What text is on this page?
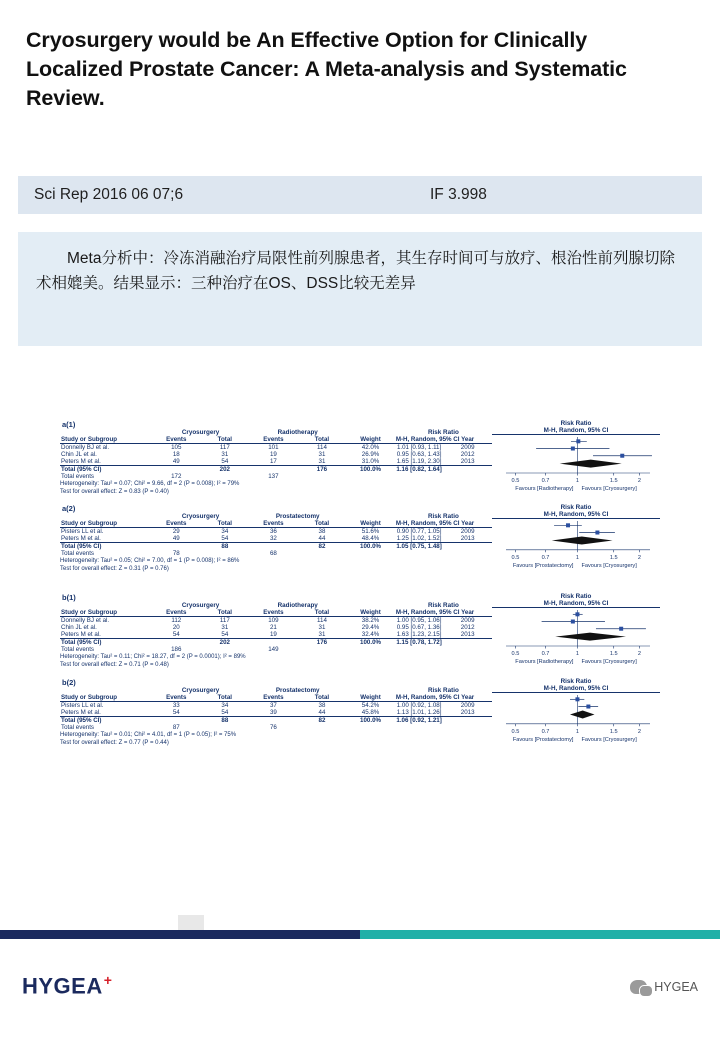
Cryosurgery would be An Effective Option for Clinically Localized Prostate Cancer: A Meta-analysis and Systematic Review.
Sci Rep 2016 06 07;6	IF 3.998
Meta分析中：冷冻消融治疗局限性前列腺患者，其生存时间可与放疗、根治性前列腺切除术相媲美。结果显示：三种治疗在OS、DSS比较无差异
a(1)
	Cryosurgery		Radiotherapy			Risk Ratio	
Study or Subgroup	Events	Total	Events	Total	Weight	M-H, Random, 95% CI	Year
Donnelly BJ et al.	105	117	101	114	42.0%	1.01 [0.93, 1.11]	2009
Chin JL et al.	18	31	19	31	26.9%	0.95 [0.63, 1.43]	2012
Peters M et al.	49	54	17	31	31.0%	1.65 [1.19, 2.30]	2013
Total (95% CI)		202		176	100.0%	1.16 [0.82, 1.64]	
Total events	172		137				
Heterogeneity: Tau² = 0.07; Chi² = 9.66, df = 2 (P = 0.008); I² = 79%
Test for overall effect: Z = 0.83 (P = 0.40)
Risk Ratio
M-H, Random, 95% CI
0.5	0.7	1	1.5	2
Favours [Radiotherapy] Favours [Cryosurgery]
a(2)
	Cryosurgery		Prostatectomy			Risk Ratio	
Study or Subgroup	Events	Total	Events	Total	Weight	M-H, Random, 95% CI	Year
Pisters LL et al.	29	34	36	38	51.6%	0.90 [0.77, 1.05]	2009
Peters M et al.	49	54	32	44	48.4%	1.25 [1.02, 1.52]	2013
Total (95% CI)		88		82	100.0%	1.05 [0.75, 1.48]	
Total events	78		68				
Heterogeneity: Tau² = 0.05; Chi² = 7.00, df = 1 (P = 0.008); I² = 86%
Test for overall effect: Z = 0.31 (P = 0.76)
Risk Ratio
M-H, Random, 95% CI
0.5	0.7	1	1.5	2
Favours [Prostatectomy] Favours [Cryosurgery]
b(1)
	Cryosurgery		Radiotherapy			Risk Ratio	
Study or Subgroup	Events	Total	Events	Total	Weight	M-H, Random, 95% CI	Year
Donnelly BJ et al.	112	117	109	114	38.2%	1.00 [0.95, 1.06]	2009
Chin JL et al.	20	31	21	31	29.4%	0.95 [0.67, 1.36]	2012
Peters M et al.	54	54	19	31	32.4%	1.63 [1.23, 2.15]	2013
Total (95% CI)		202		176	100.0%	1.15 [0.78, 1.72]	
Total events	186		149				
Heterogeneity: Tau² = 0.11; Chi² = 18.27, df = 2 (P = 0.0001); I² = 89%
Test for overall effect: Z = 0.71 (P = 0.48)
Risk Ratio
M-H, Random, 95% CI
0.5	0.7	1	1.5	2
Favours [Radiotherapy] Favours [Cryosurgery]
b(2)
	Cryosurgery		Prostatectomy			Risk Ratio	
Study or Subgroup	Events	Total	Events	Total	Weight	M-H, Random, 95% CI	Year
Pisters LL et al.	33	34	37	38	54.2%	1.00 [0.92, 1.08]	2009
Peters M et al.	54	54	39	44	45.8%	1.13 [1.01, 1.26]	2013
Total (95% CI)		88		82	100.0%	1.06 [0.92, 1.21]	
Total events	87		76				
Heterogeneity: Tau² = 0.01; Chi² = 4.01, df = 1 (P = 0.05); I² = 75%
Test for overall effect: Z = 0.77 (P = 0.44)
Risk Ratio
M-H, Random, 95% CI
0.5	0.7	1	1.5	2
Favours [Prostatectomy] Favours [Cryosurgery]
HYGEA+	HYGEA
